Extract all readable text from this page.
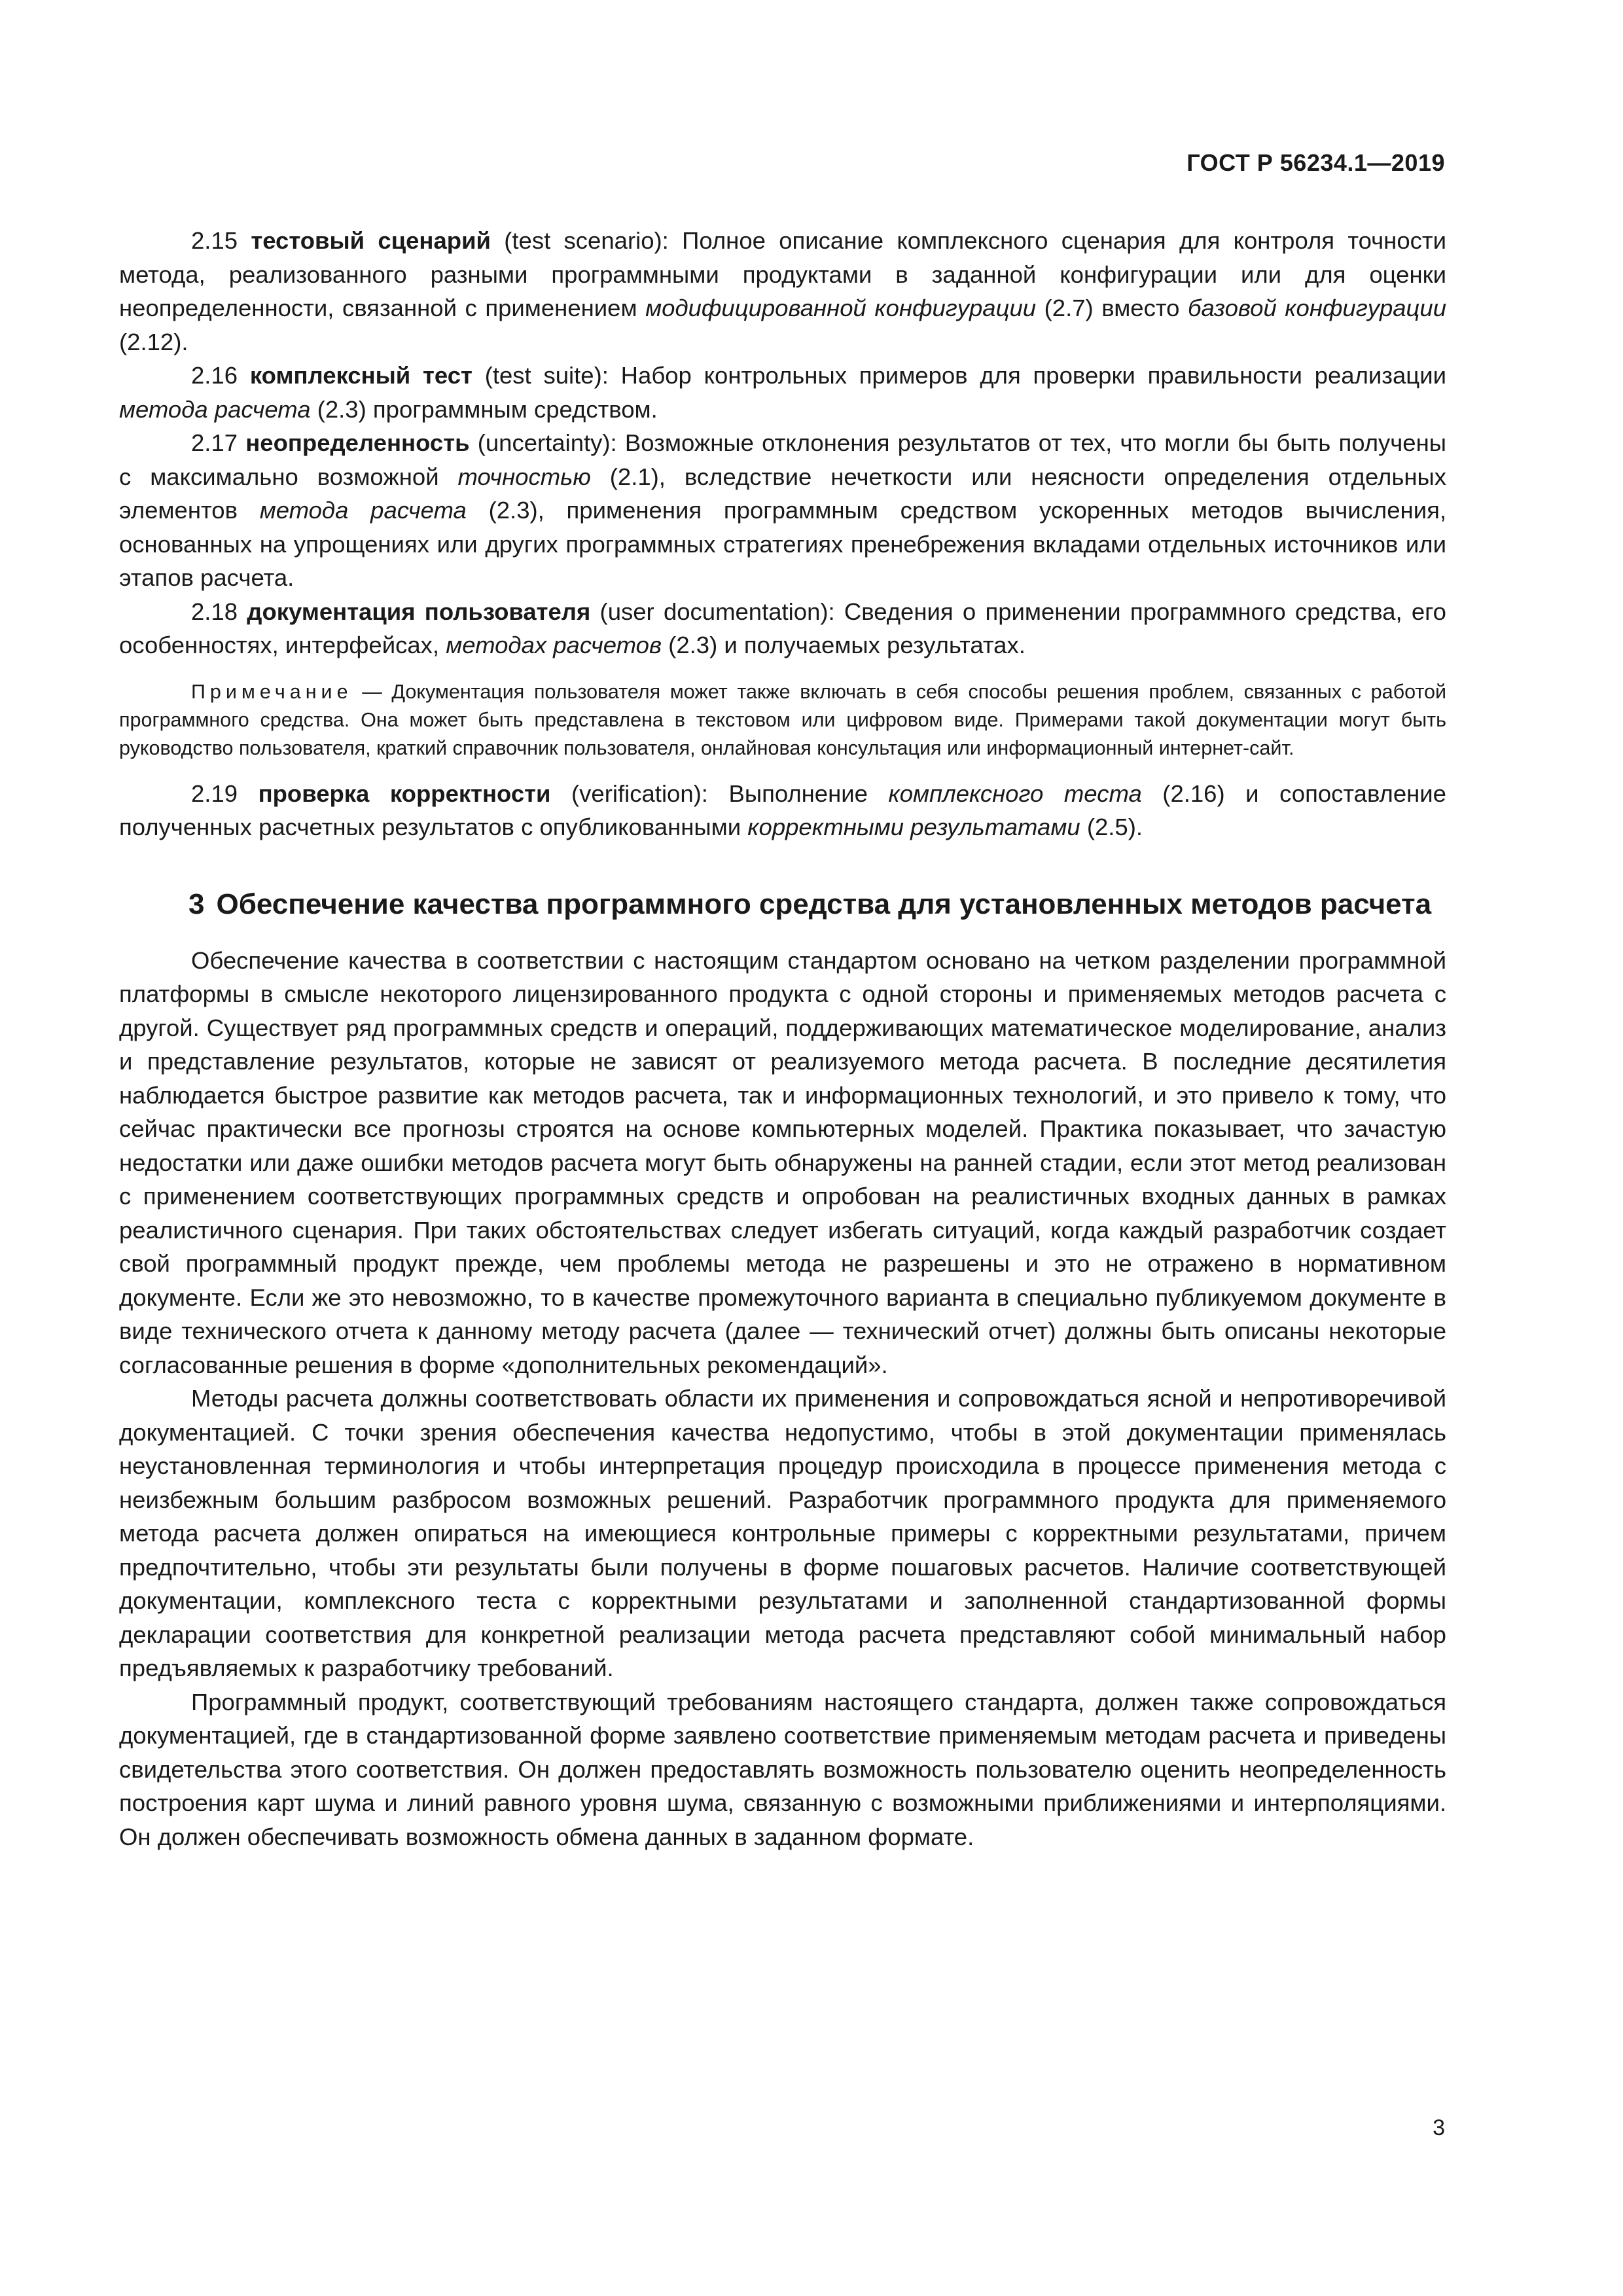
ГОСТ Р 56234.1—2019

2.15 тестовый сценарий (test scenario): Полное описание комплексного сценария для контроля точности метода, реализованного разными программными продуктами в заданной конфигурации или для оценки неопределенности, связанной с применением модифицированной конфигурации (2.7) вместо базовой конфигурации (2.12).

2.16 комплексный тест (test suite): Набор контрольных примеров для проверки правильности реализации метода расчета (2.3) программным средством.

2.17 неопределенность (uncertainty): Возможные отклонения результатов от тех, что могли бы быть получены с максимально возможной точностью (2.1), вследствие нечеткости или неясности определения отдельных элементов метода расчета (2.3), применения программным средством ускоренных методов вычисления, основанных на упрощениях или других программных стратегиях пренебрежения вкладами отдельных источников или этапов расчета.

2.18 документация пользователя (user documentation): Сведения о применении программного средства, его особенностях, интерфейсах, методах расчетов (2.3) и получаемых результатах.

Примечание — Документация пользователя может также включать в себя способы решения проблем, связанных с работой программного средства. Она может быть представлена в текстовом или цифровом виде. Примерами такой документации могут быть руководство пользователя, краткий справочник пользователя, онлайновая консультация или информационный интернет-сайт.

2.19 проверка корректности (verification): Выполнение комплексного теста (2.16) и сопоставление полученных расчетных результатов с опубликованными корректными результатами (2.5).

3 Обеспечение качества программного средства для установленных методов расчета

Обеспечение качества в соответствии с настоящим стандартом основано на четком разделении программной платформы в смысле некоторого лицензированного продукта с одной стороны и применяемых методов расчета с другой. Существует ряд программных средств и операций, поддерживающих математическое моделирование, анализ и представление результатов, которые не зависят от реализуемого метода расчета. В последние десятилетия наблюдается быстрое развитие как методов расчета, так и информационных технологий, и это привело к тому, что сейчас практически все прогнозы строятся на основе компьютерных моделей. Практика показывает, что зачастую недостатки или даже ошибки методов расчета могут быть обнаружены на ранней стадии, если этот метод реализован с применением соответствующих программных средств и опробован на реалистичных входных данных в рамках реалистичного сценария. При таких обстоятельствах следует избегать ситуаций, когда каждый разработчик создает свой программный продукт прежде, чем проблемы метода не разрешены и это не отражено в нормативном документе. Если же это невозможно, то в качестве промежуточного варианта в специально публикуемом документе в виде технического отчета к данному методу расчета (далее — технический отчет) должны быть описаны некоторые согласованные решения в форме «дополнительных рекомендаций».

Методы расчета должны соответствовать области их применения и сопровождаться ясной и непротиворечивой документацией. С точки зрения обеспечения качества недопустимо, чтобы в этой документации применялась неустановленная терминология и чтобы интерпретация процедур происходила в процессе применения метода с неизбежным большим разбросом возможных решений. Разработчик программного продукта для применяемого метода расчета должен опираться на имеющиеся контрольные примеры с корректными результатами, причем предпочтительно, чтобы эти результаты были получены в форме пошаговых расчетов. Наличие соответствующей документации, комплексного теста с корректными результатами и заполненной стандартизованной формы декларации соответствия для конкретной реализации метода расчета представляют собой минимальный набор предъявляемых к разработчику требований.

Программный продукт, соответствующий требованиям настоящего стандарта, должен также сопровождаться документацией, где в стандартизованной форме заявлено соответствие применяемым методам расчета и приведены свидетельства этого соответствия. Он должен предоставлять возможность пользователю оценить неопределенность построения карт шума и линий равного уровня шума, связанную с возможными приближениями и интерполяциями. Он должен обеспечивать возможность обмена данных в заданном формате.

3
